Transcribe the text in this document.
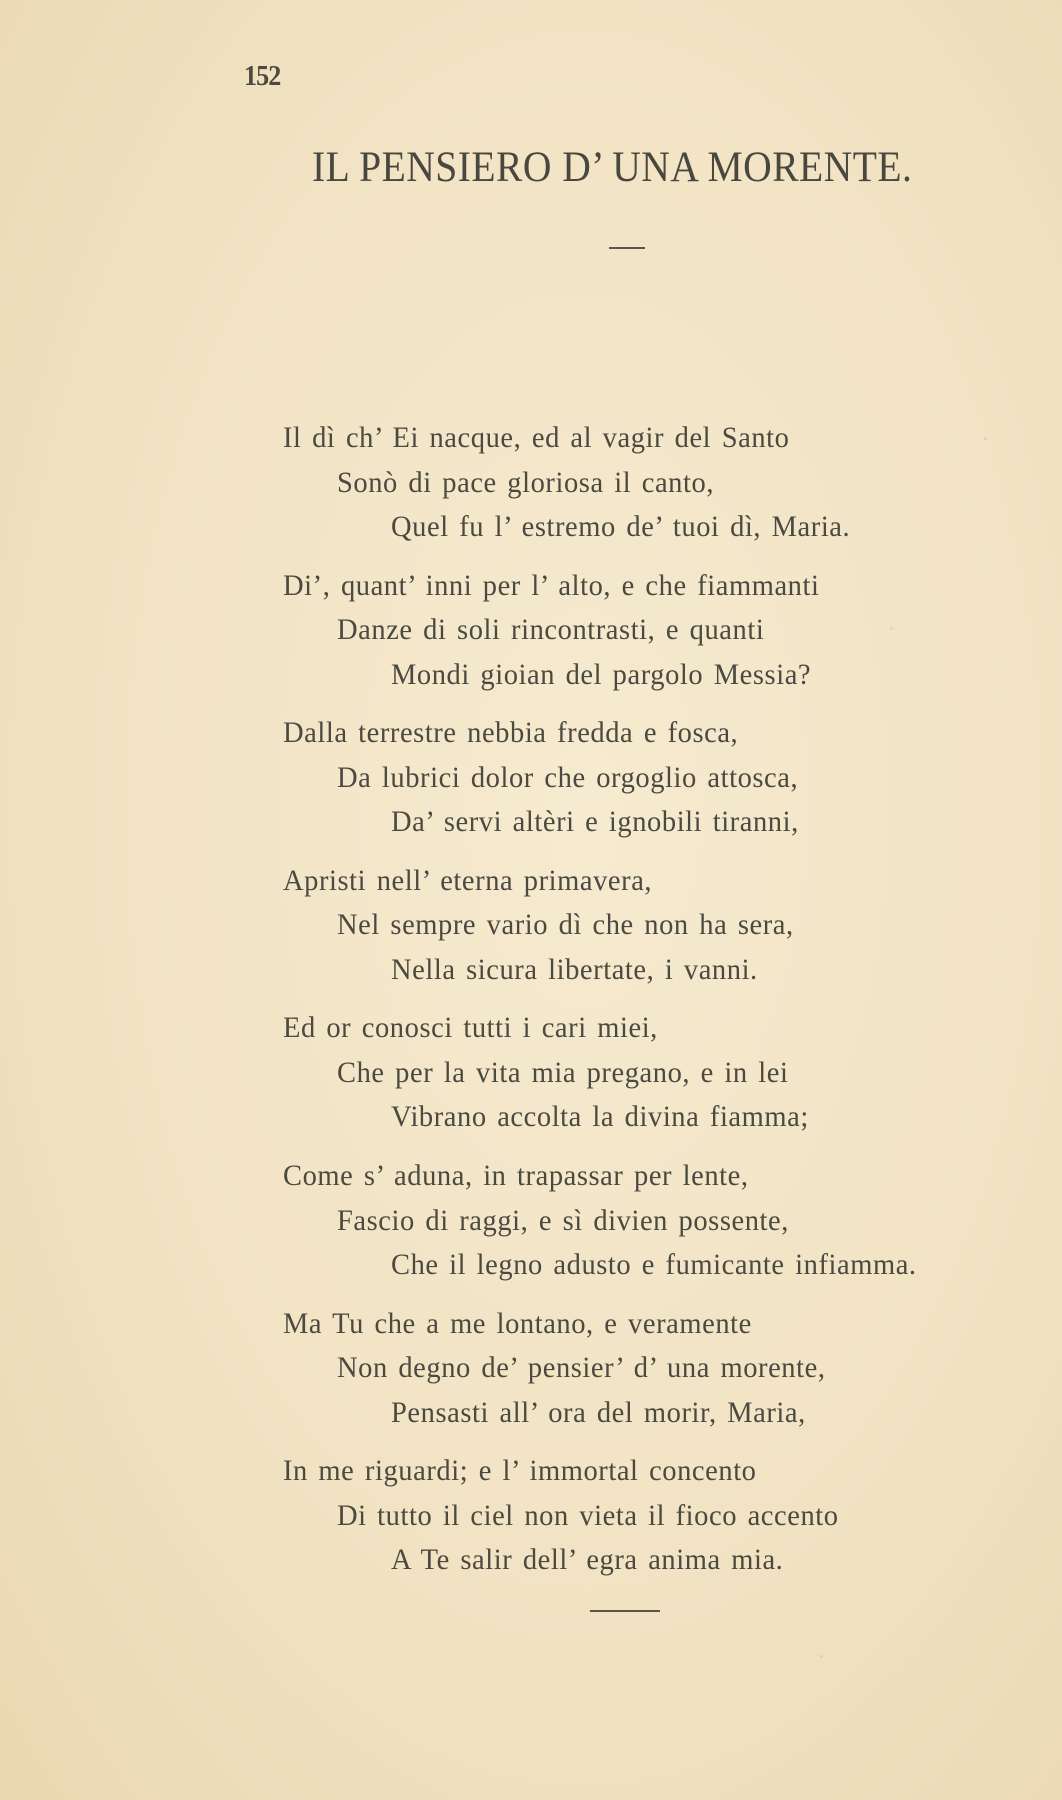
152
IL PENSIERO D’ UNA MORENTE.
Il dì ch’ Ei nacque, ed al vagir del Santo
Sonò di pace gloriosa il canto,
Quel fu l’ estremo de’ tuoi dì, Maria.
Di’, quant’ inni per l’ alto, e che fiammanti
Danze di soli rincontrasti, e quanti
Mondi gioian del pargolo Messia?
Dalla terrestre nebbia fredda e fosca,
Da lubrici dolor che orgoglio attosca,
Da’ servi altèri e ignobili tiranni,
Apristi nell’ eterna primavera,
Nel sempre vario dì che non ha sera,
Nella sicura libertate, i vanni.
Ed or conosci tutti i cari miei,
Che per la vita mia pregano, e in lei
Vibrano accolta la divina fiamma;
Come s’ aduna, in trapassar per lente,
Fascio di raggi, e sì divien possente,
Che il legno adusto e fumicante infiamma.
Ma Tu che a me lontano, e veramente
Non degno de’ pensier’ d’ una morente,
Pensasti all’ ora del morir, Maria,
In me riguardi; e l’ immortal concento
Di tutto il ciel non vieta il fioco accento
A Te salir dell’ egra anima mia.
